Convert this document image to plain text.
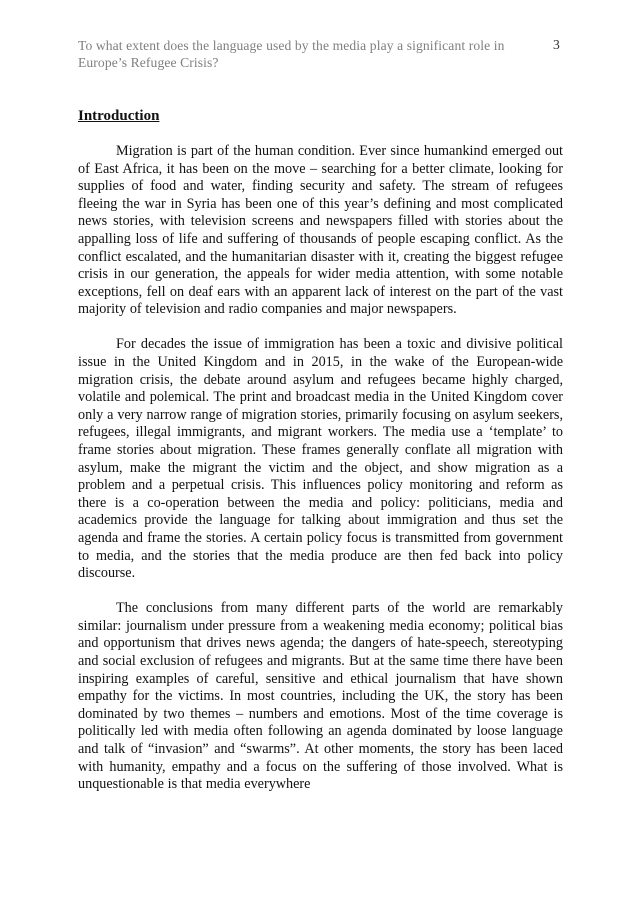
To what extent does the language used by the media play a significant role in Europe’s Refugee Crisis?
3
Introduction

Migration is part of the human condition. Ever since humankind emerged out of East Africa, it has been on the move – searching for a better climate, looking for supplies of food and water, finding security and safety. The stream of refugees fleeing the war in Syria has been one of this year’s defining and most complicated news stories, with television screens and newspapers filled with stories about the appalling loss of life and suffering of thousands of people escaping conflict. As the conflict escalated, and the humanitarian disaster with it, creating the biggest refugee crisis in our generation, the appeals for wider media attention, with some notable exceptions, fell on deaf ears with an apparent lack of interest on the part of the vast majority of television and radio companies and major newspapers.

For decades the issue of immigration has been a toxic and divisive political issue in the United Kingdom and in 2015, in the wake of the European-wide migration crisis, the debate around asylum and refugees became highly charged, volatile and polemical. The print and broadcast media in the United Kingdom cover only a very narrow range of migration stories, primarily focusing on asylum seekers, refugees, illegal immigrants, and migrant workers. The media use a ‘template’ to frame stories about migration. These frames generally conflate all migration with asylum, make the migrant the victim and the object, and show migration as a problem and a perpetual crisis. This influences policy monitoring and reform as there is a co-operation between the media and policy: politicians, media and academics provide the language for talking about immigration and thus set the agenda and frame the stories. A certain policy focus is transmitted from government to media, and the stories that the media produce are then fed back into policy discourse.

The conclusions from many different parts of the world are remarkably similar: journalism under pressure from a weakening media economy; political bias and opportunism that drives news agenda; the dangers of hate-speech, stereotyping and social exclusion of refugees and migrants. But at the same time there have been inspiring examples of careful, sensitive and ethical journalism that have shown empathy for the victims. In most countries, including the UK, the story has been dominated by two themes – numbers and emotions. Most of the time coverage is politically led with media often following an agenda dominated by loose language and talk of “invasion” and “swarms”. At other moments, the story has been laced with humanity, empathy and a focus on the suffering of those involved. What is unquestionable is that media everywhere
